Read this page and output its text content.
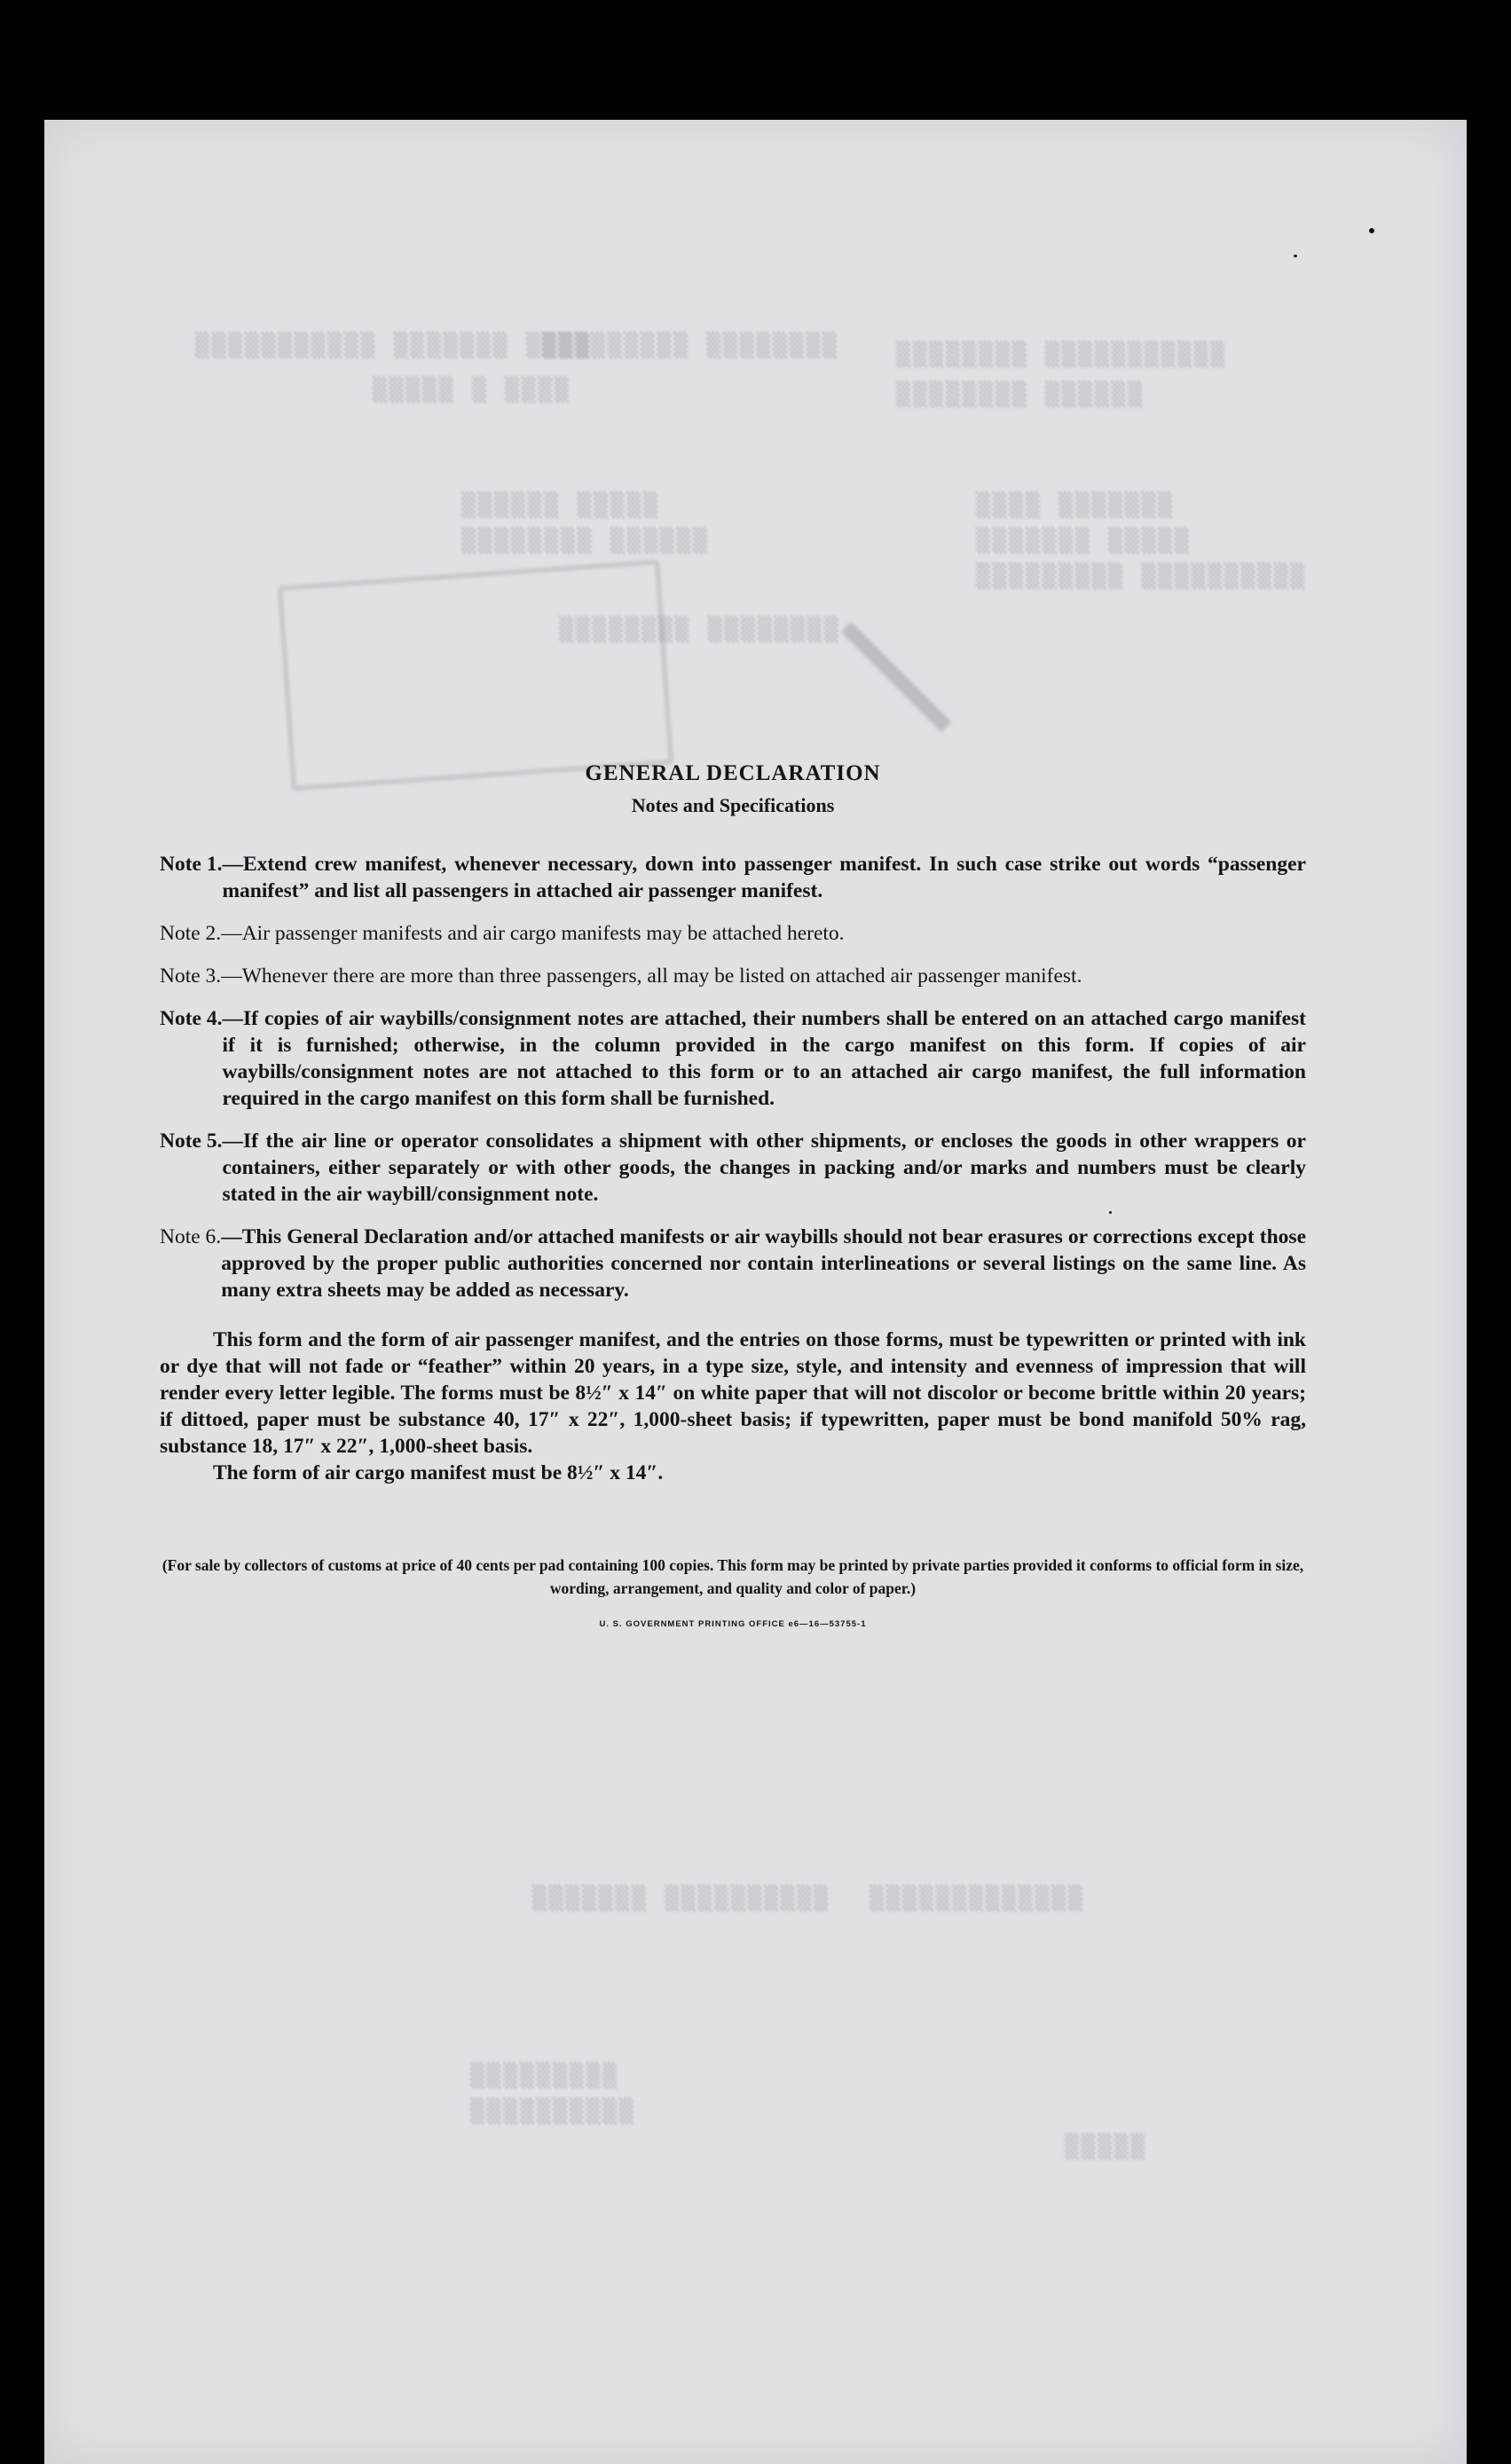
▒▒▒▒▒▒▒▒▒▒▒ ▒▒▒▒▒▒▒ ▒▒▒▒
▒▒▒▒▒▒▒▒▒ ▒▒▒▒▒▒▒▒ ▒▒▒▒▒▒▒▒ ▒▒▒▒▒▒▒▒▒▒▒
▒▒▒▒▒ ▒ ▒▒▒▒	▒▒▒▒▒▒▒▒ ▒▒▒▒▒▒
▒▒▒▒▒▒ ▒▒▒▒▒
▒▒▒▒▒▒▒▒ ▒▒▒▒▒▒
▒▒▒▒ ▒▒▒▒▒▒▒
▒▒▒▒▒▒▒ ▒▒▒▒▒
▒▒▒▒▒▒▒▒▒ ▒▒▒▒▒▒▒▒▒▒
▒▒▒▒▒▒▒▒ ▒▒▒▒▒▒▒▒
▒▒▒▒▒▒▒ ▒▒▒▒▒▒▒▒▒▒ ▒▒▒▒▒▒▒▒▒▒▒▒▒
▒▒▒▒▒▒▒▒▒
▒▒▒▒▒▒▒▒▒▒
▒▒▒▒▒

GENERAL DECLARATION

Notes and Specifications

Note 1. —Extend crew manifest, whenever necessary, down into passenger manifest. In such case strike out words “passenger manifest” and list all passengers in attached air passenger manifest.
Note 2. —Air passenger manifests and air cargo manifests may be attached hereto.
Note 3. —Whenever there are more than three passengers, all may be listed on attached air passenger manifest.
Note 4. —If copies of air waybills/consignment notes are attached, their numbers shall be entered on an attached cargo manifest if it is furnished; otherwise, in the column provided in the cargo manifest on this form. If copies of air waybills/consignment notes are not attached to this form or to an attached air cargo manifest, the full information required in the cargo manifest on this form shall be furnished.
Note 5. —If the air line or operator consolidates a shipment with other shipments, or encloses the goods in other wrappers or containers, either separately or with other goods, the changes in packing and/or marks and numbers must be clearly stated in the air waybill/consignment note.
Note 6. —This General Declaration and/or attached manifests or air waybills should not bear erasures or corrections except those approved by the proper public authorities concerned nor contain interlineations or several listings on the same line. As many extra sheets may be added as necessary.
This form and the form of air passenger manifest, and the entries on those forms, must be typewritten or printed with ink or dye that will not fade or “feather” within 20 years, in a type size, style, and intensity and evenness of impression that will render every letter legible. The forms must be 8½″ x 14″ on white paper that will not discolor or become brittle within 20 years; if dittoed, paper must be substance 40, 17″ x 22″, 1,000-sheet basis; if typewritten, paper must be bond manifold 50% rag, substance 18, 17″ x 22″, 1,000-sheet basis.
The form of air cargo manifest must be 8½″ x 14″.
(For sale by collectors of customs at price of 40 cents per pad containing 100 copies. This form may be printed by private parties provided it conforms to official form in size, wording, arrangement, and quality and color of paper.)
U. S. GOVERNMENT PRINTING OFFICE e6—16—53755-1
